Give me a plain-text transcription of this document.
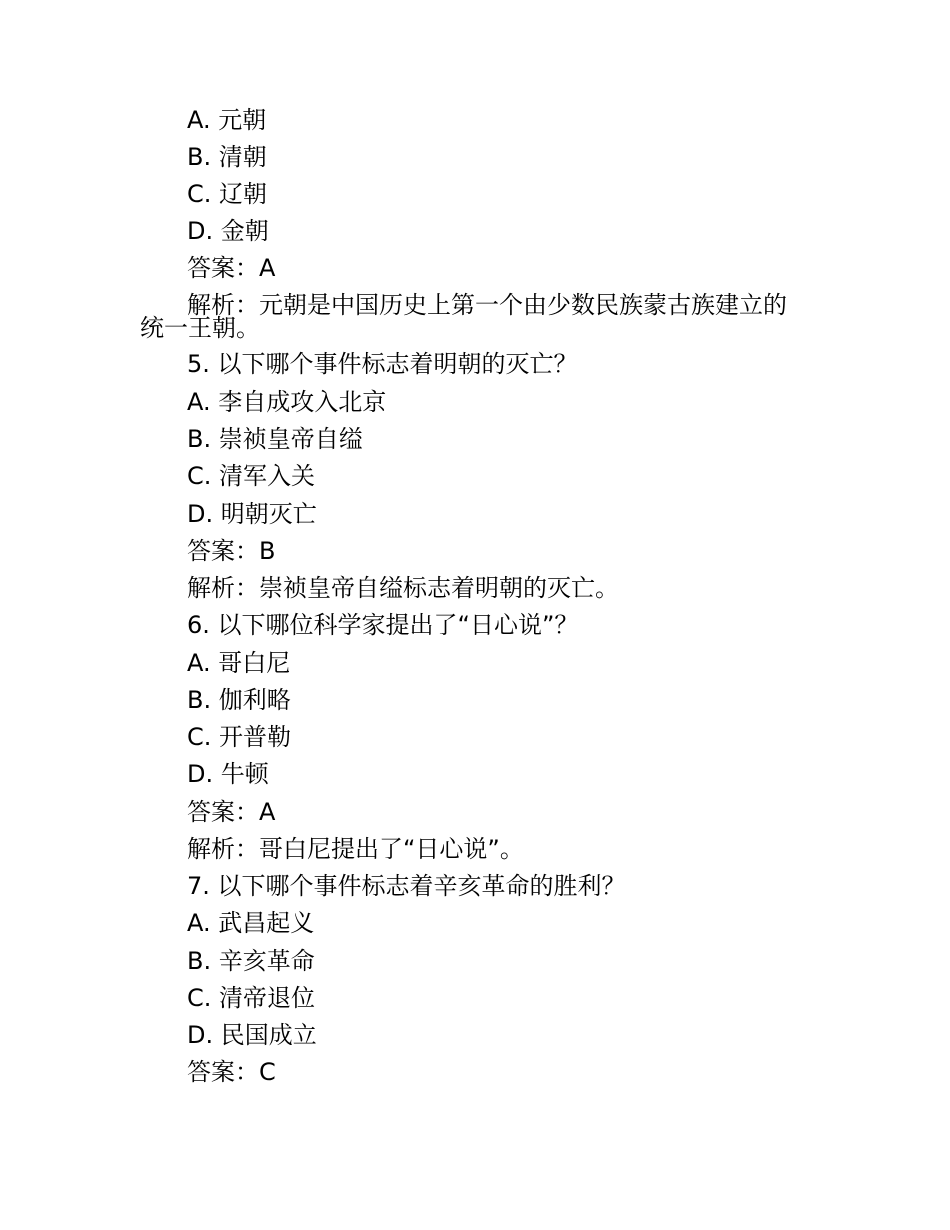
A. 元朝
B. 清朝
C. 辽朝
D. 金朝
答案：A
解析：元朝是中国历史上第一个由少数民族蒙古族建立的
统一王朝。
5. 以下哪个事件标志着明朝的灭亡？
A. 李自成攻入北京
B. 崇祯皇帝自缢
C. 清军入关
D. 明朝灭亡
答案：B
解析：崇祯皇帝自缢标志着明朝的灭亡。
6. 以下哪位科学家提出了“日心说”？
A. 哥白尼
B. 伽利略
C. 开普勒
D. 牛顿
答案：A
解析：哥白尼提出了“日心说”。
7. 以下哪个事件标志着辛亥革命的胜利？
A. 武昌起义
B. 辛亥革命
C. 清帝退位
D. 民国成立
答案：C
